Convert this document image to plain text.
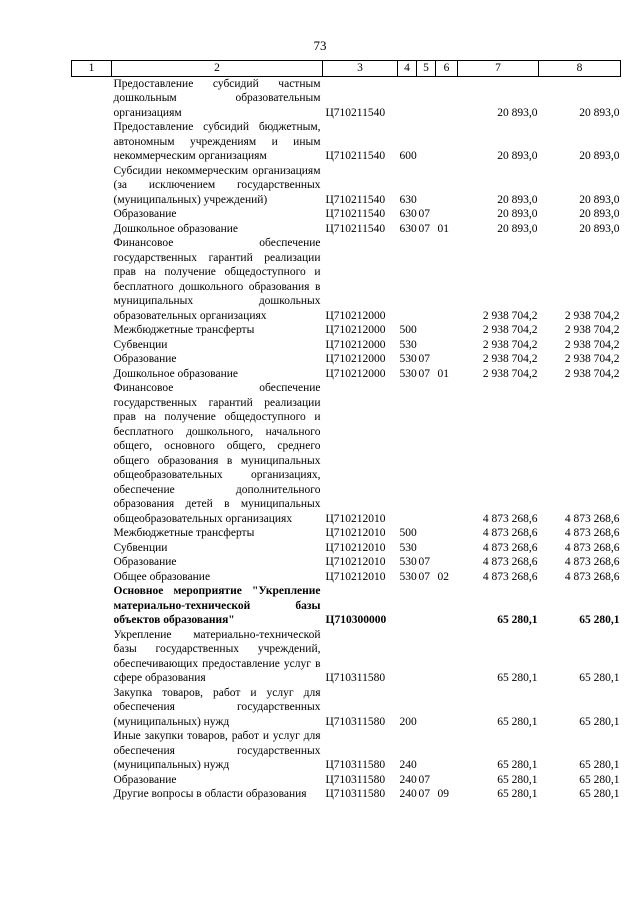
73
1	2	3	4	5	6	7	8
	Предоставление субсидий частным дошкольным образовательным организациям	Ц710211540				20 893,0	20 893,0
	Предоставление субсидий бюджетным, автономным учреждениям и иным некоммерческим организациям	Ц710211540	600			20 893,0	20 893,0
	Субсидии некоммерческим организациям (за исключением государственных (муниципальных) учреждений)	Ц710211540	630			20 893,0	20 893,0
	Образование	Ц710211540	630	07		20 893,0	20 893,0
	Дошкольное образование	Ц710211540	630	07	01	20 893,0	20 893,0
	Финансовое обеспечение государственных гарантий реализации прав на получение общедоступного и бесплатного дошкольного образования в муниципальных дошкольных образовательных организациях	Ц710212000				2 938 704,2	2 938 704,2
	Межбюджетные трансферты	Ц710212000	500			2 938 704,2	2 938 704,2
	Субвенции	Ц710212000	530			2 938 704,2	2 938 704,2
	Образование	Ц710212000	530	07		2 938 704,2	2 938 704,2
	Дошкольное образование	Ц710212000	530	07	01	2 938 704,2	2 938 704,2
	Финансовое обеспечение государственных гарантий реализации прав на получение общедоступного и бесплатного дошкольного, начального общего, основного общего, среднего общего образования в муниципальных общеобразовательных организациях, обеспечение дополнительного образования детей в муниципальных общеобразовательных организациях	Ц710212010				4 873 268,6	4 873 268,6
	Межбюджетные трансферты	Ц710212010	500			4 873 268,6	4 873 268,6
	Субвенции	Ц710212010	530			4 873 268,6	4 873 268,6
	Образование	Ц710212010	530	07		4 873 268,6	4 873 268,6
	Общее образование	Ц710212010	530	07	02	4 873 268,6	4 873 268,6
	Основное мероприятие "Укрепление материально-технической базы объектов образования"	Ц710300000				65 280,1	65 280,1
	Укрепление материально-технической базы государственных учреждений, обеспечивающих предоставление услуг в сфере образования	Ц710311580				65 280,1	65 280,1
	Закупка товаров, работ и услуг для обеспечения государственных (муниципальных) нужд	Ц710311580	200			65 280,1	65 280,1
	Иные закупки товаров, работ и услуг для обеспечения государственных (муниципальных) нужд	Ц710311580	240			65 280,1	65 280,1
	Образование	Ц710311580	240	07		65 280,1	65 280,1
	Другие вопросы в области образования	Ц710311580	240	07	09	65 280,1	65 280,1
